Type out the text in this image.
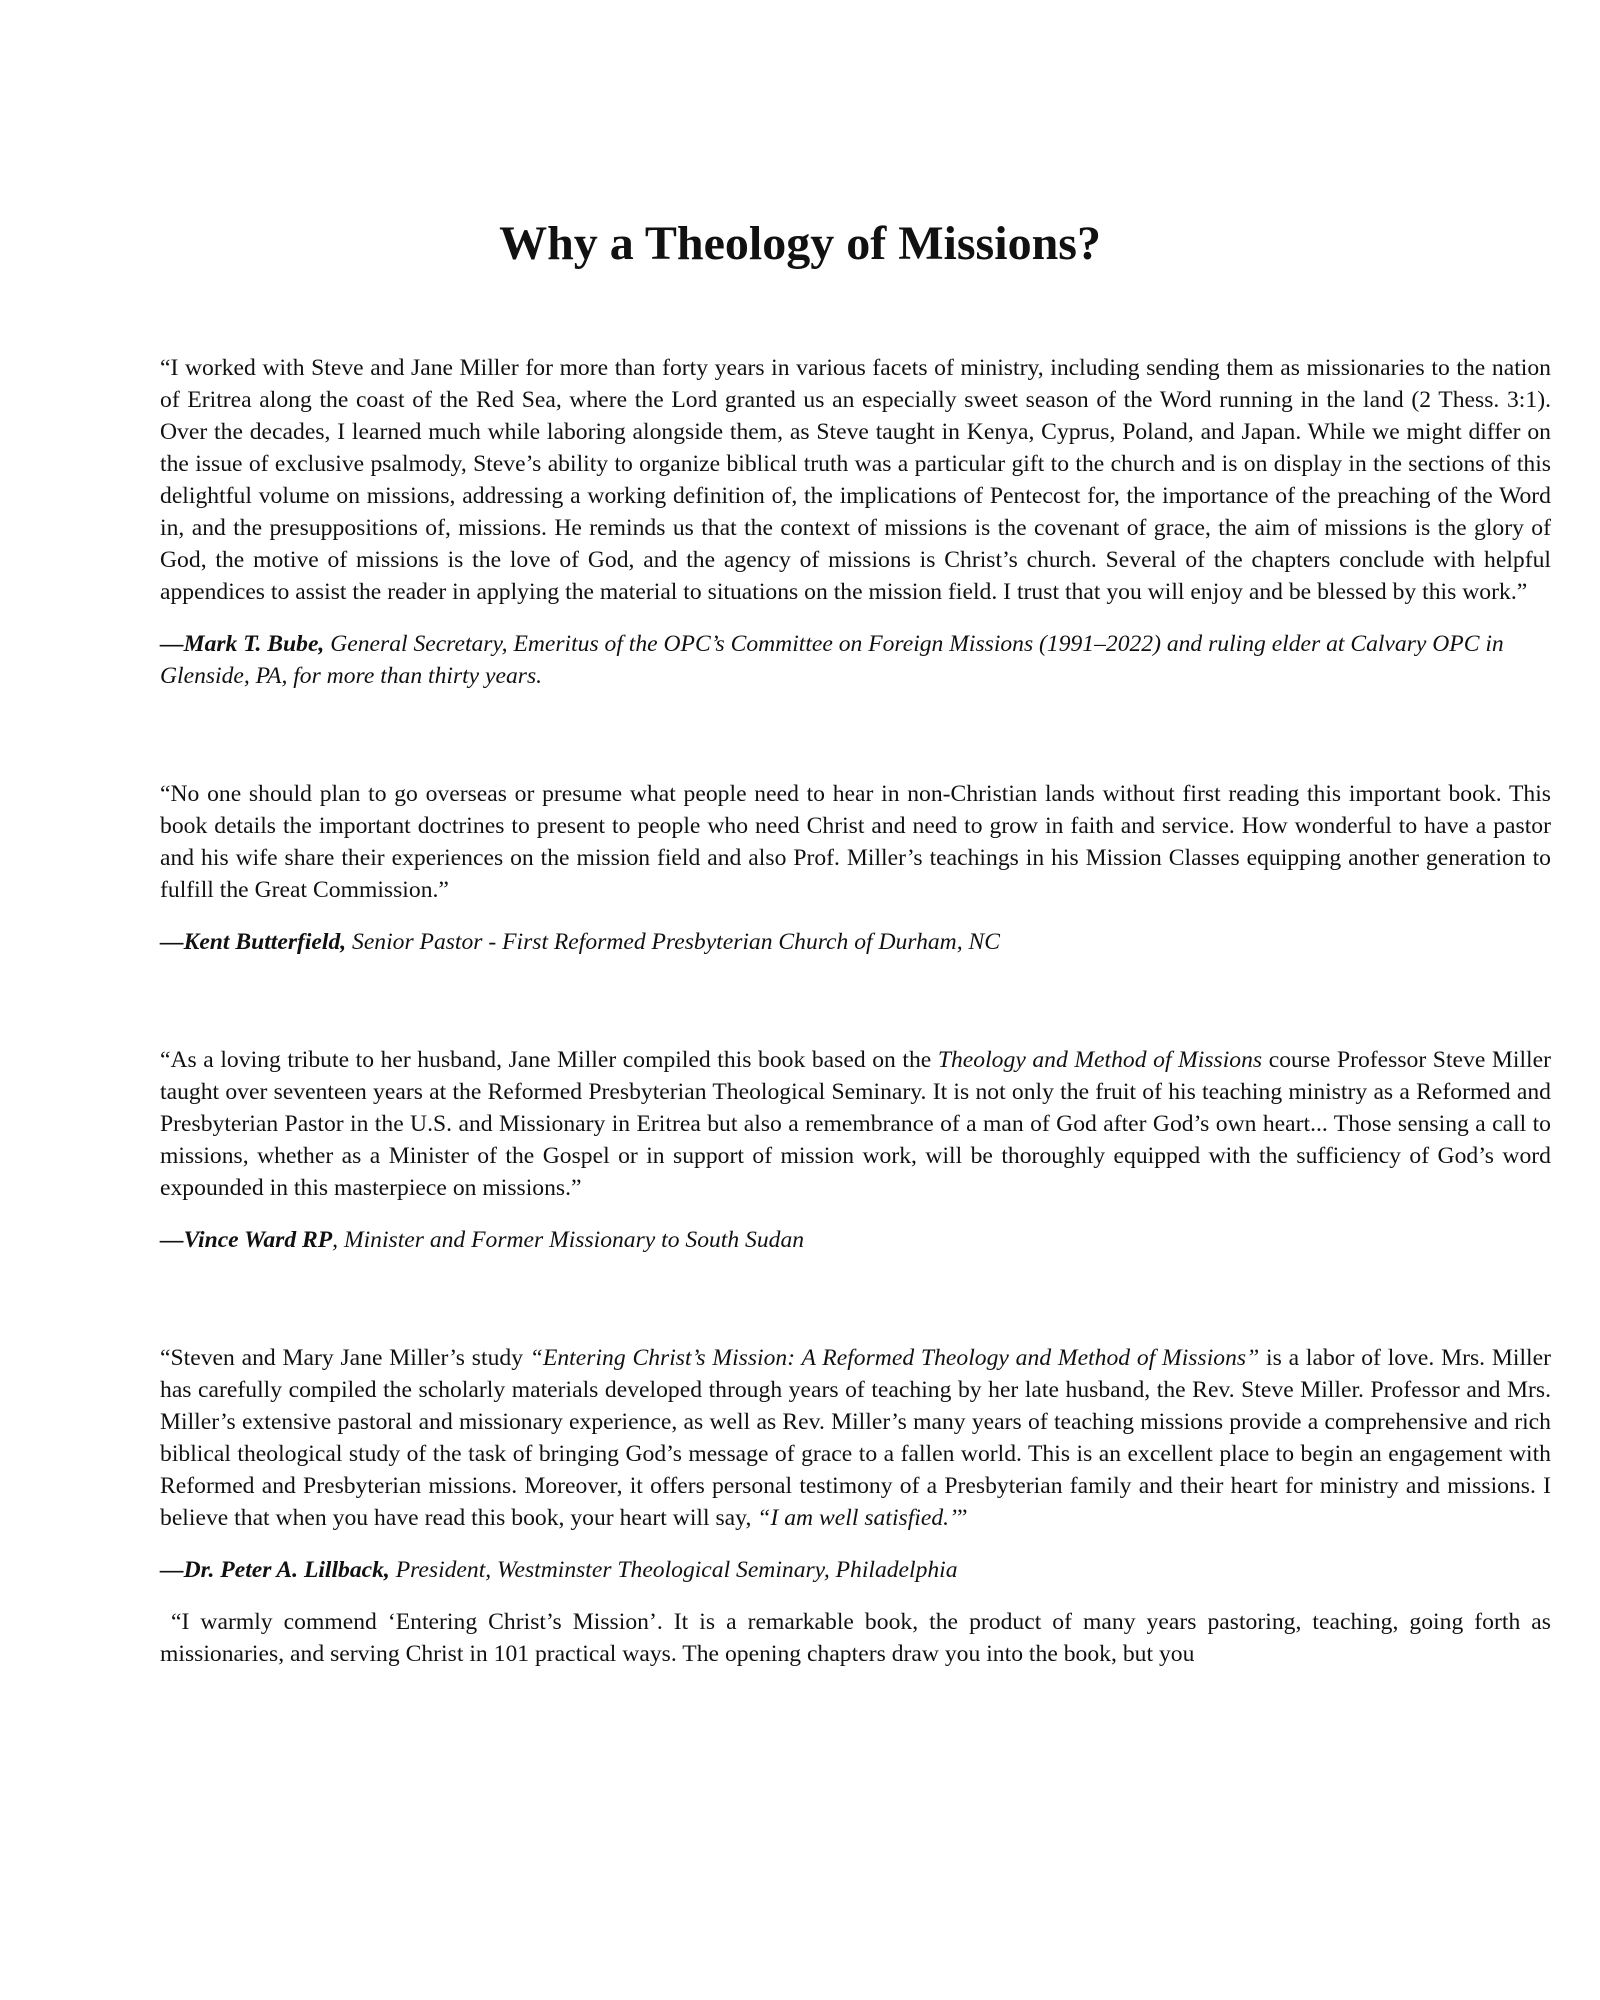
Why a Theology of Missions?

“I worked with Steve and Jane Miller for more than forty years in various facets of ministry, including sending them as missionaries to the nation of Eritrea along the coast of the Red Sea, where the Lord granted us an especially sweet season of the Word running in the land (2 Thess. 3:1). Over the decades, I learned much while laboring alongside them, as Steve taught in Kenya, Cyprus, Poland, and Japan. While we might differ on the issue of exclusive psalmody, Steve’s ability to organize biblical truth was a particular gift to the church and is on display in the sections of this delightful volume on missions, addressing a working definition of, the implications of Pentecost for, the importance of the preaching of the Word in, and the presuppositions of, missions. He reminds us that the context of missions is the covenant of grace, the aim of missions is the glory of God, the motive of missions is the love of God, and the agency of missions is Christ’s church. Several of the chapters conclude with helpful appendices to assist the reader in applying the material to situations on the mission field. I trust that you will enjoy and be blessed by this work.”

—Mark T. Bube, General Secretary, Emeritus of the OPC’s Committee on Foreign Missions (1991–2022) and ruling elder at Calvary OPC in Glenside, PA, for more than thirty years.

“No one should plan to go overseas or presume what people need to hear in non-Christian lands without first reading this important book. This book details the important doctrines to present to people who need Christ and need to grow in faith and service. How wonderful to have a pastor and his wife share their experiences on the mission field and also Prof. Miller’s teachings in his Mission Classes equipping another generation to fulfill the Great Commission.”

—Kent Butterfield, Senior Pastor - First Reformed Presbyterian Church of Durham, NC

“As a loving tribute to her husband, Jane Miller compiled this book based on the Theology and Method of Missions course Professor Steve Miller taught over seventeen years at the Reformed Presbyterian Theological Seminary. It is not only the fruit of his teaching ministry as a Reformed and Presbyterian Pastor in the U.S. and Missionary in Eritrea but also a remembrance of a man of God after God’s own heart... Those sensing a call to missions, whether as a Minister of the Gospel or in support of mission work, will be thoroughly equipped with the sufficiency of God’s word expounded in this masterpiece on missions.”

—Vince Ward RP, Minister and Former Missionary to South Sudan

“Steven and Mary Jane Miller’s study “Entering Christ’s Mission: A Reformed Theology and Method of Missions” is a labor of love. Mrs. Miller has carefully compiled the scholarly materials developed through years of teaching by her late husband, the Rev. Steve Miller. Professor and Mrs. Miller’s extensive pastoral and missionary experience, as well as Rev. Miller’s many years of teaching missions provide a comprehensive and rich biblical theological study of the task of bringing God’s message of grace to a fallen world. This is an excellent place to begin an engagement with Reformed and Presbyterian missions. Moreover, it offers personal testimony of a Presbyterian family and their heart for ministry and missions. I believe that when you have read this book, your heart will say, “I am well satisfied.’”

—Dr. Peter A. Lillback, President, Westminster Theological Seminary, Philadelphia

“I warmly commend ‘Entering Christ’s Mission’. It is a remarkable book, the product of many years pastoring, teaching, going forth as missionaries, and serving Christ in 101 practical ways. The opening chapters draw you into the book, but you
